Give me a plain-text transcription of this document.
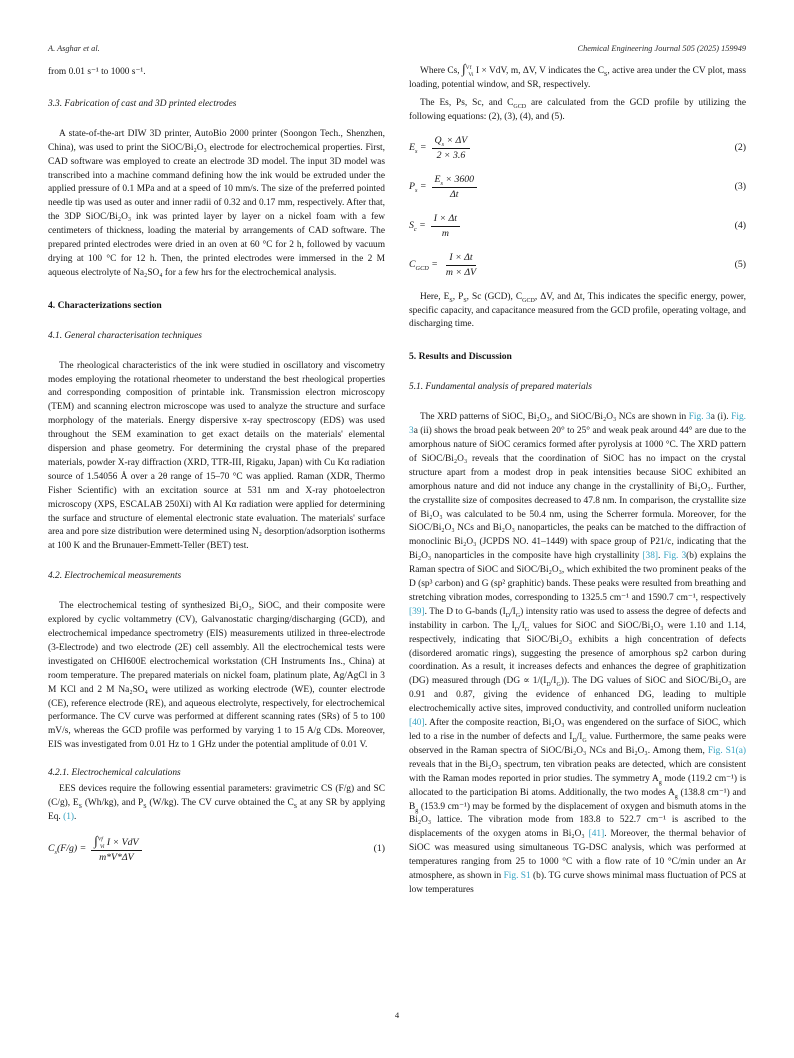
A. Asghar et al.	Chemical Engineering Journal 505 (2025) 159949

from 0.01 s⁻¹ to 1000 s⁻¹.

3.3. Fabrication of cast and 3D printed electrodes

A state-of-the-art DIW 3D printer, AutoBio 2000 printer (Soongon Tech., Shenzhen, China), was used to print the SiOC/Bi₂O₃ electrode for electrochemical properties. First, CAD software was employed to create an electrode 3D model. The input 3D model was transcribed into a machine command defining how the ink would be extruded under the applied pressure of 0.1 MPa and at a speed of 10 mm/s. The size of the preferred pointed needle tip was used as outer and inner radii of 0.32 and 0.17 mm, respectively. After that, the 3DP SiOC/Bi₂O₃ ink was printed layer by layer on a nickel foam with a few centimeters of thickness, loading the material by arrangements of CAD software. The prepared printed electrodes were dried in an oven at 60 °C for 2 h, followed by vacuum drying at 100 °C for 12 h. Then, the printed electrodes were immersed in the 2 M aqueous electrolyte of Na₂SO₄ for a few hrs for the electrochemical analysis.

4. Characterizations section
4.1. General characterisation techniques

The rheological characteristics of the ink were studied in oscillatory and viscometry modes employing the rotational rheometer to understand the best rheological properties and corresponding composition of printable ink. Transmission electron microscopy (TEM) and scanning electron microscope was used to analyze the structure and surface morphology of the materials. Energy dispersive x-ray spectroscopy (EDS) was used throughout the SEM examination to get exact details on the materials' elemental dispersion and phase geometry. For determining the crystal phase of the prepared materials, powder X-ray diffraction (XRD, TTR-III, Rigaku, Japan) with Cu Kα radiation source of 1.54056 Å over a 2θ range of 15–70 °C was applied. Raman (XDR, Thermo Fisher Scientific) with an excitation source at 531 nm and X-ray photoelectron microscopy (XPS, ESCALAB 250Xi) with Al Kα radiation were applied for determining the surface and structure of elemental electronic state evaluation. The materials' surface area and pore size distribution were determined using N₂ desorption/adsorption isotherms at 100 K and the Brunauer-Emmett-Teller (BET) test.

4.2. Electrochemical measurements

The electrochemical testing of synthesized Bi₂O₃, SiOC, and their composite were explored by cyclic voltammetry (CV), Galvanostatic charging/discharging (GCD), and electrochemical impedance spectrometry (EIS) measurements utilized in three-electrode (3-Electrode) and two electrode (2E) cell assembly. All the electrochemical tests were investigated on CHI600E electrochemical workstation (CH Instruments Ins., China) at room temperature. The prepared materials on nickel foam, platinum plate, Ag/AgCl in 3 M KCl and 2 M Na₂SO₄ were utilized as working electrode (WE), counter electrode (CE), reference electrode (RE), and aqueous electrolyte, respectively, for electrochemical performance. The CV curve was performed at different scanning rates (SRs) of 5 to 100 mV/s, whereas the GCD profile was performed by varying 1 to 15 A/g CDs. Moreover, EIS was investigated from 0.01 Hz to 1 GHz under the potential amplitude of 0.01 V.

4.2.1. Electrochemical calculations

EES devices require the following essential parameters: gravimetric CS (F/g) and SC (C/g), $E_S$ (Wh/kg), and $P_S$ (W/kg). The CV curve obtained the $C_S$ at any SR by applying Eq. (1).

$C_s(F/g) = \frac{\int^{Vf}_{Vi} I \times VdV}{m*V*\Delta V}$	(1)

Where Cs, ∫$^{Vf}_{Vi}$ I × VdV, m, ΔV, V indicates the $C_S$, active area under the CV plot, mass loading, potential window, and SR, respectively.

The Es, Ps, Sc, and $C_{GCD}$ are calculated from the GCD profile by utilizing the following equations: (2), (3), (4), and (5).

$E_s = \frac{Q_s \times \Delta V}{2 \times 3.6}$	(2)
$P_s = \frac{E_s \times 3600}{\Delta t}$	(3)
$S_c = \frac{I \times \Delta t}{m}$	(4)
$C_{GCD} = \frac{I \times \Delta t}{m \times \Delta V}$	(5)

Here, $E_S$, $P_S$, Sc (GCD), $C_{GCD}$, ΔV, and Δt, This indicates the specific energy, power, specific capacity, and capacitance measured from the GCD profile, operating voltage, and discharging time.

5. Results and Discussion
5.1. Fundamental analysis of prepared materials

The XRD patterns of SiOC, Bi₂O₃, and SiOC/Bi₂O₃ NCs are shown in Fig. 3a (i). Fig. 3a (ii) shows the broad peak between 20° to 25° and weak peak around 44° are due to the amorphous nature of SiOC ceramics formed after pyrolysis at 1000 °C. The XRD pattern of SiOC/Bi₂O₃ reveals that the coordination of SiOC has no impact on the crystal structure apart from a modest drop in peak intensities because SiOC exhibited an amorphous nature and did not induce any change in the crystallinity of Bi₂O₃. Further, the crystallite size of composites decreased to 47.8 nm. In comparison, the crystallite size of Bi₂O₃ was calculated to be 50.4 nm, using the Scherrer formula. Moreover, for the SiOC/Bi₂O₃ NCs and Bi₂O₃ nanoparticles, the peaks can be matched to the diffraction of monoclinic Bi₂O₃ (JCPDS NO. 41–1449) with space group of P21/c, indicating that the Bi₂O₃ nanoparticles in the composite have high crystallinity [38]. Fig. 3(b) explains the Raman spectra of SiOC and SiOC/Bi₂O₃, which exhibited the two prominent peaks of the D (sp³ carbon) and G (sp² graphitic) bands. These peaks were resulted from breathing and stretching vibration modes, corresponding to 1325.5 cm⁻¹ and 1590.7 cm⁻¹, respectively [39]. The D to G-bands $(I_D/I_G)$ intensity ratio was used to assess the degree of defects and instability in carbon. The $I_D/I_G$ values for SiOC and SiOC/Bi₂O₃ were 1.10 and 1.14, respectively, indicating that SiOC/Bi₂O₃ exhibits a high concentration of defects (disordered aromatic rings), suggesting the presence of amorphous sp2 carbon during coordination. As a result, it increases defects and enhances the degree of graphitization (DG) measured through $(DG \propto 1/(I_D/I_G))$. The DG values of SiOC and SiOC/Bi₂O₃ are 0.91 and 0.87, giving the evidence of enhanced DG, leading to multiple electrochemically active sites, improved conductivity, and controlled uniform nucleation [40]. After the composite reaction, Bi₂O₃ was engendered on the surface of SiOC, which led to a rise in the number of defects and $I_D/I_G$ value. Furthermore, the same peaks were observed in the Raman spectra of SiOC/Bi₂O₃ NCs and Bi₂O₃. Among them, Fig. S1(a) reveals that in the Bi₂O₃ spectrum, ten vibration peaks are detected, which are consistent with the Raman modes reported in prior studies. The symmetry $A_g$ mode (119.2 cm⁻¹) is allocated to the participation Bi atoms. Additionally, the two modes $A_g$ (138.8 cm⁻¹) and $B_g$ (153.9 cm⁻¹) may be formed by the displacement of oxygen and bismuth atoms in the Bi₂O₃ lattice. The vibration mode from 183.8 to 522.7 cm⁻¹ is ascribed to the displacements of the oxygen atoms in Bi₂O₃ [41]. Moreover, the thermal behavior of SiOC was measured using simultaneous TG-DSC analysis, which was performed at temperatures ranging from 25 to 1000 °C with a flow rate of 10 °C/min under an Ar atmosphere, as shown in Fig. S1 (b). TG curve shows minimal mass fluctuation of PCS at low temperatures

4
